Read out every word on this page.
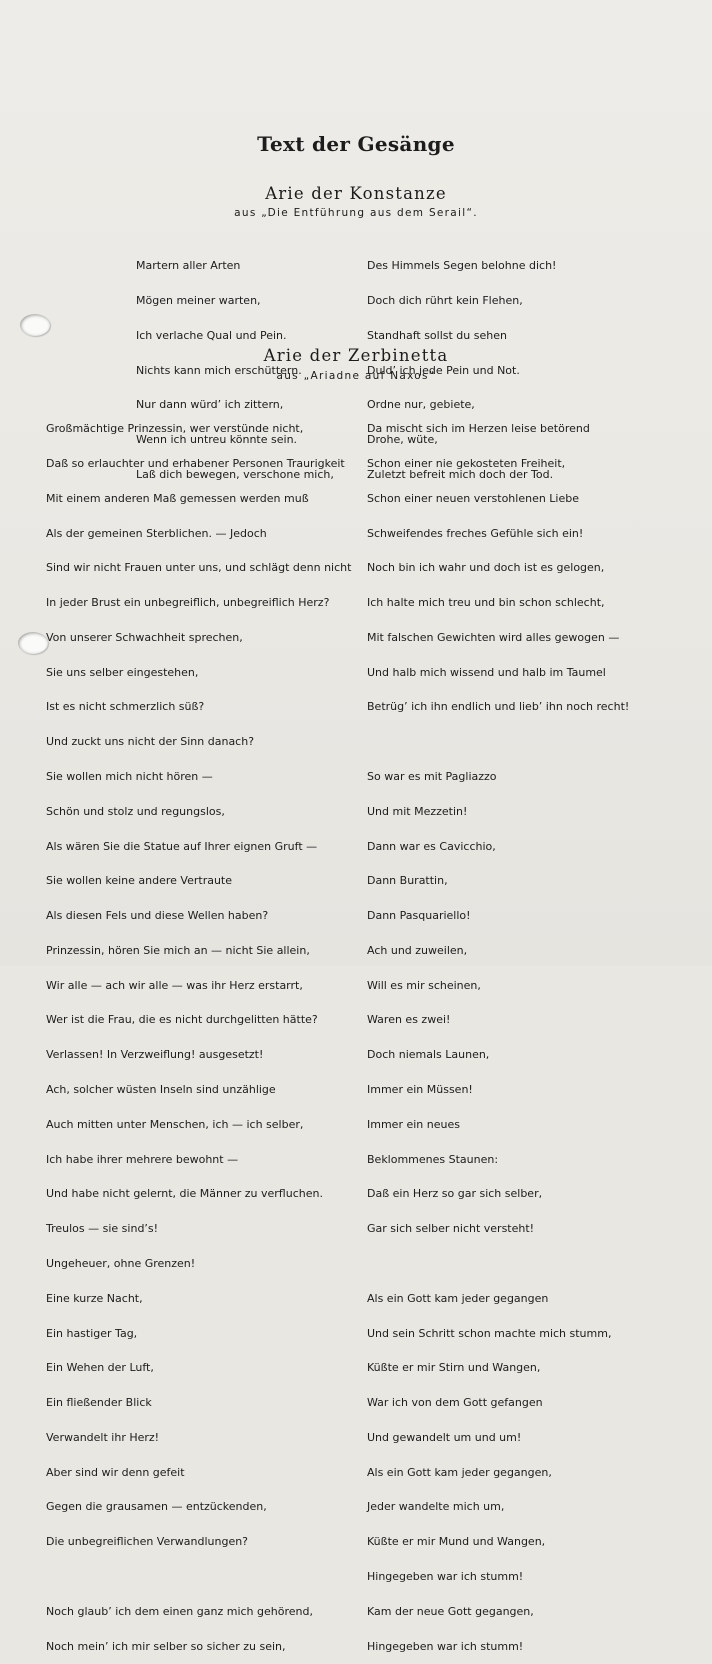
Text der Gesänge
Arie der Konstanze
aus „Die Entführung aus dem Serail“.

Martern aller Arten

Mögen meiner warten,

Ich verlache Qual und Pein.

Nichts kann mich erschüttern.

Nur dann würd’ ich zittern,

Wenn ich untreu könnte sein.

Laß dich bewegen, verschone mich,

Des Himmels Segen belohne dich!

Doch dich rührt kein Flehen,

Standhaft sollst du sehen

Duld’ ich jede Pein und Not.

Ordne nur, gebiete,

Drohe, wüte,

Zuletzt befreit mich doch der Tod.

Arie der Zerbinetta
aus „Ariadne auf Naxos“

Großmächtige Prinzessin, wer verstünde nicht,

Daß so erlauchter und erhabener Personen Traurigkeit

Mit einem anderen Maß gemessen werden muß

Als der gemeinen Sterblichen. — Jedoch

Sind wir nicht Frauen unter uns, und schlägt denn nicht

In jeder Brust ein unbegreiflich, unbegreiflich Herz?

Von unserer Schwachheit sprechen,

Sie uns selber eingestehen,

Ist es nicht schmerzlich süß?

Und zuckt uns nicht der Sinn danach?

Sie wollen mich nicht hören —

Schön und stolz und regungslos,

Als wären Sie die Statue auf Ihrer eignen Gruft —

Sie wollen keine andere Vertraute

Als diesen Fels und diese Wellen haben?

Prinzessin, hören Sie mich an — nicht Sie allein,

Wir alle — ach wir alle — was ihr Herz erstarrt,

Wer ist die Frau, die es nicht durchgelitten hätte?

Verlassen! In Verzweiflung! ausgesetzt!

Ach, solcher wüsten Inseln sind unzählige

Auch mitten unter Menschen, ich — ich selber,

Ich habe ihrer mehrere bewohnt —

Und habe nicht gelernt, die Männer zu verfluchen.

Treulos — sie sind’s!

Ungeheuer, ohne Grenzen!

Eine kurze Nacht,

Ein hastiger Tag,

Ein Wehen der Luft,

Ein fließender Blick

Verwandelt ihr Herz!

Aber sind wir denn gefeit

Gegen die grausamen — entzückenden,

Die unbegreiflichen Verwandlungen?

Noch glaub’ ich dem einen ganz mich gehörend,

Noch mein’ ich mir selber so sicher zu sein,

Da mischt sich im Herzen leise betörend

Schon einer nie gekosteten Freiheit,

Schon einer neuen verstohlenen Liebe

Schweifendes freches Gefühle sich ein!

Noch bin ich wahr und doch ist es gelogen,

Ich halte mich treu und bin schon schlecht,

Mit falschen Gewichten wird alles gewogen —

Und halb mich wissend und halb im Taumel

Betrüg’ ich ihn endlich und lieb’ ihn noch recht!

So war es mit Pagliazzo

Und mit Mezzetin!

Dann war es Cavicchio,

Dann Burattin,

Dann Pasquariello!

Ach und zuweilen,

Will es mir scheinen,

Waren es zwei!

Doch niemals Launen,

Immer ein Müssen!

Immer ein neues

Beklommenes Staunen:

Daß ein Herz so gar sich selber,

Gar sich selber nicht versteht!

Als ein Gott kam jeder gegangen

Und sein Schritt schon machte mich stumm,

Küßte er mir Stirn und Wangen,

War ich von dem Gott gefangen

Und gewandelt um und um!

Als ein Gott kam jeder gegangen,

Jeder wandelte mich um,

Küßte er mir Mund und Wangen,

Hingegeben war ich stumm!

Kam der neue Gott gegangen,

Hingegeben war ich stumm!
